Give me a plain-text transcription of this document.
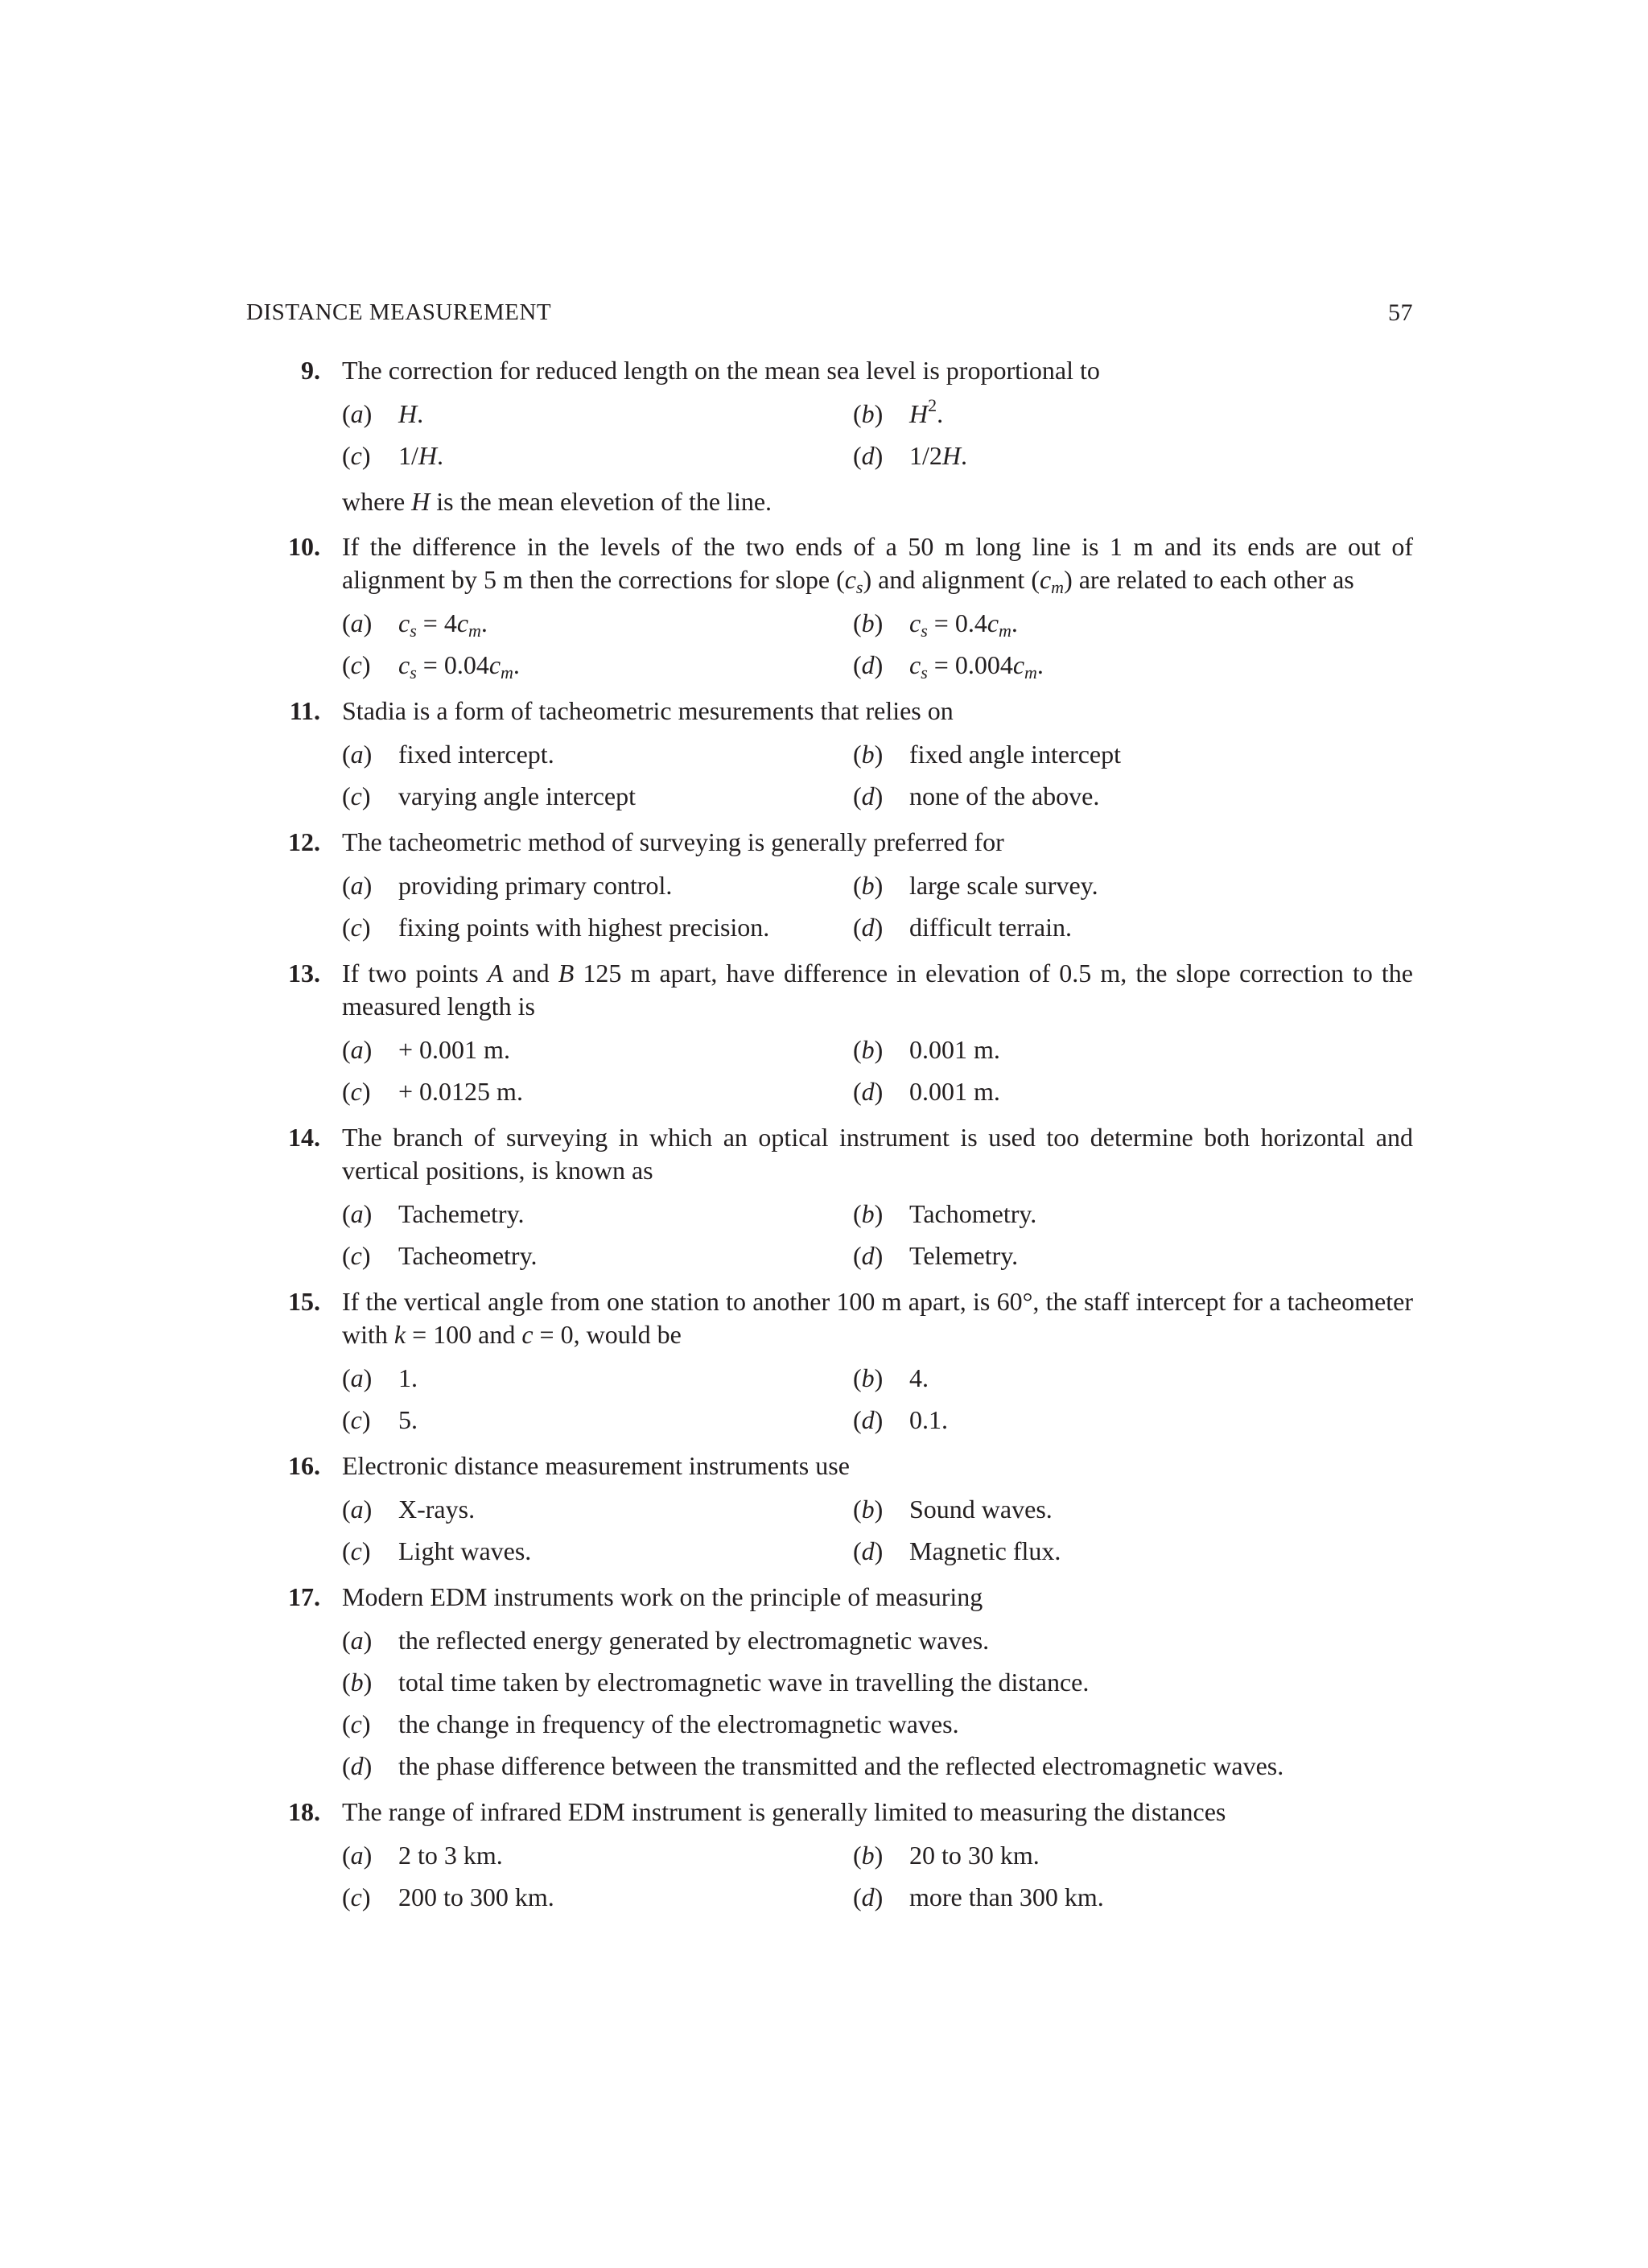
DISTANCE MEASUREMENT	57
9. The correction for reduced length on the mean sea level is proportional to
(a) H.	(b) $H^2$.
(c) 1/H.	(d) 1/2H.
where H is the mean elevetion of the line.
10. If the difference in the levels of the two ends of a 50 m long line is 1 m and its ends are out of alignment by 5 m then the corrections for slope $(c_s)$ and alignment $(c_m)$ are related to each other as
(a) $c_s = 4c_m$.	(b) $c_s = 0.4c_m$.
(c) $c_s = 0.04c_m$.	(d) $c_s = 0.004c_m$.
11. Stadia is a form of tacheometric mesurements that relies on
(a) fixed intercept.	(b) fixed angle intercept
(c) varying angle intercept	(d) none of the above.
12. The tacheometric method of surveying is generally preferred for
(a) providing primary control.	(b) large scale survey.
(c) fixing points with highest precision.	(d) difficult terrain.
13. If two points A and B 125 m apart, have difference in elevation of 0.5 m, the slope correction to the measured length is
(a) + 0.001 m.	(b) 0.001 m.
(c) + 0.0125 m.	(d) 0.001 m.
14. The branch of surveying in which an optical instrument is used too determine both horizontal and vertical positions, is known as
(a) Tachemetry.	(b) Tachometry.
(c) Tacheometry.	(d) Telemetry.
15. If the vertical angle from one station to another 100 m apart, is 60°, the staff intercept for a tacheometer with k = 100 and c = 0, would be
(a) 1.	(b) 4.
(c) 5.	(d) 0.1.
16. Electronic distance measurement instruments use
(a) X-rays.	(b) Sound waves.
(c) Light waves.	(d) Magnetic flux.
17. Modern EDM instruments work on the principle of measuring
(a) the reflected energy generated by electromagnetic waves.
(b) total time taken by electromagnetic wave in travelling the distance.
(c) the change in frequency of the electromagnetic waves.
(d) the phase difference between the transmitted and the reflected electromagnetic waves.
18. The range of infrared EDM instrument is generally limited to measuring the distances
(a) 2 to 3 km.	(b) 20 to 30 km.
(c) 200 to 300 km.	(d) more than 300 km.
